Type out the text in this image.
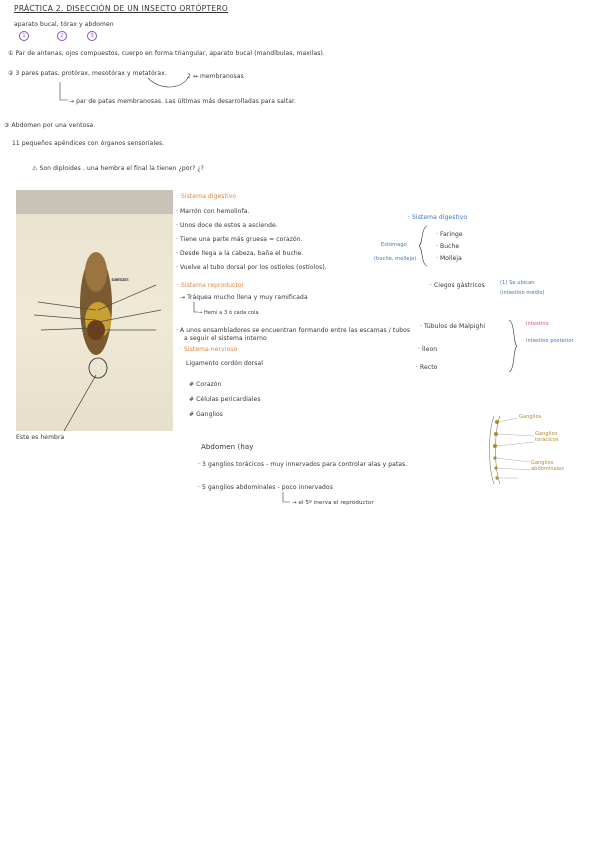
PRÁCTICA 2. DISECCIÓN DE UN INSECTO ORTÓPTERO
aparato bucal, tórax y abdomen
1	2	3
① Par de antenas, ojos compuestos, cuerpo en forma triangular, aparato bucal (mandíbulas, maxilas).
② 3 pares patas, protórax, mesotórax y metatórax.	2 ↔ membranosas
→ par de patas membranosas. Las últimas más desarrolladas para saltar.
③ Abdomen por una ventosa.
11 pequeños apéndices con órganos sensoriales.
⚠ Son diploides . una hembra el final la tienen ¿por? ¿?
cercos
Este es hembra
· Sistema digestivo
· Marrón con hemolinfa.
· Unos doce de estos a asciende.
· Tiene una parte más gruesa = corazón.
· Desde llega a la cabeza, baña el buche.
· Vuelve al tubo dorsal por los ostiolos (ostíolos).
· Sistema reproductor
→ Tráquea mucho llena y muy ramificada
→ Hemi a 3 ó cada cola
· A unos ensambladores se encuentran formando entre las escamas / tubos
a seguir el sistema interno
· Sistema nervioso
Ligamento cordón dorsal
# Corazón
# Células pericardiales
# Ganglios
· Sistema digestivo
Estómago
(buche, molleja)
· Faringe
· Buche
· Molleja
· Ciegos gástricos	(1) Se ubican
(intestino medio)
· Túbulos de Malpighi
· Íleon
· Recto
Intestino
intestino posterior
Abdomen (hay
· 3 ganglios torácicos - muy innervados para controlar alas y patas.
· 5 ganglios abdominales - poco innervados
→ el 5º inerva el reproductor
Ganglios
Ganglios torácicos
Ganglios abdominales
